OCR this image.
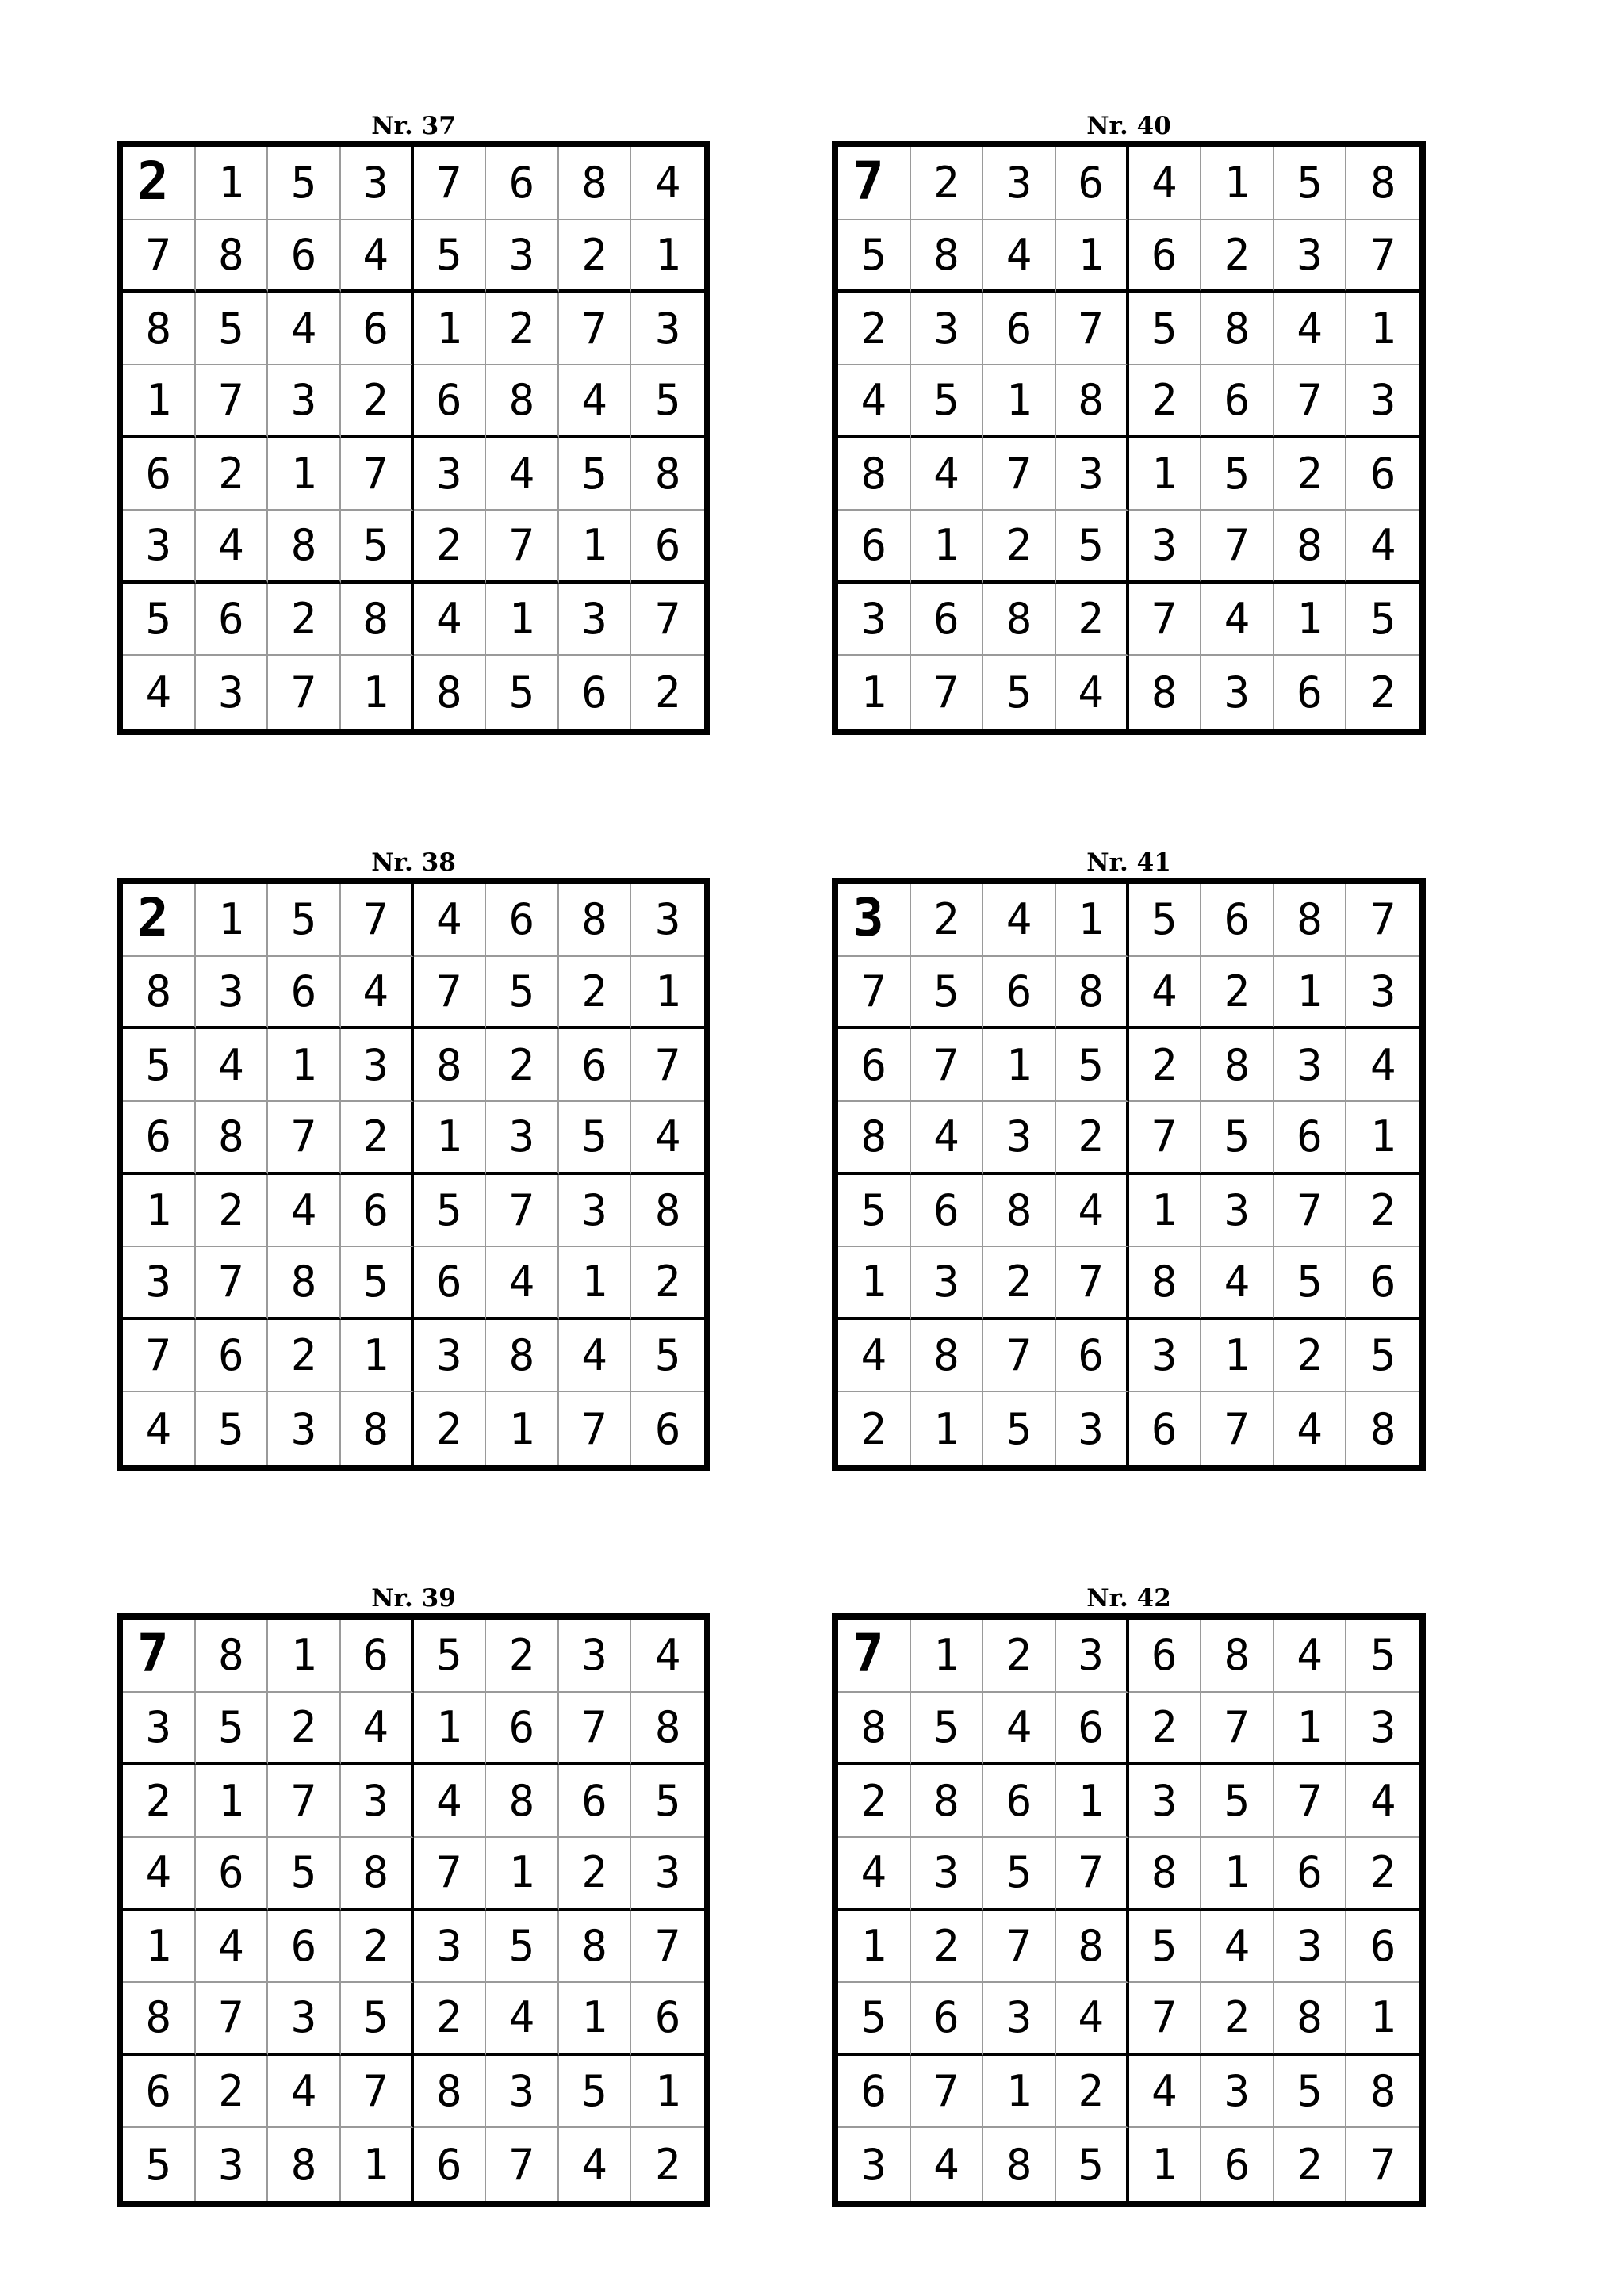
Nr. 37
2	1	5	3	7	6	8	4
7	8	6	4	5	3	2	1
8	5	4	6	1	2	7	3
1	7	3	2	6	8	4	5
6	2	1	7	3	4	5	8
3	4	8	5	2	7	1	6
5	6	2	8	4	1	3	7
4	3	7	1	8	5	6	2
Nr. 40
7	2	3	6	4	1	5	8
5	8	4	1	6	2	3	7
2	3	6	7	5	8	4	1
4	5	1	8	2	6	7	3
8	4	7	3	1	5	2	6
6	1	2	5	3	7	8	4
3	6	8	2	7	4	1	5
1	7	5	4	8	3	6	2
Nr. 38
2	1	5	7	4	6	8	3
8	3	6	4	7	5	2	1
5	4	1	3	8	2	6	7
6	8	7	2	1	3	5	4
1	2	4	6	5	7	3	8
3	7	8	5	6	4	1	2
7	6	2	1	3	8	4	5
4	5	3	8	2	1	7	6
Nr. 41
3	2	4	1	5	6	8	7
7	5	6	8	4	2	1	3
6	7	1	5	2	8	3	4
8	4	3	2	7	5	6	1
5	6	8	4	1	3	7	2
1	3	2	7	8	4	5	6
4	8	7	6	3	1	2	5
2	1	5	3	6	7	4	8
Nr. 39
7	8	1	6	5	2	3	4
3	5	2	4	1	6	7	8
2	1	7	3	4	8	6	5
4	6	5	8	7	1	2	3
1	4	6	2	3	5	8	7
8	7	3	5	2	4	1	6
6	2	4	7	8	3	5	1
5	3	8	1	6	7	4	2
Nr. 42
7	1	2	3	6	8	4	5
8	5	4	6	2	7	1	3
2	8	6	1	3	5	7	4
4	3	5	7	8	1	6	2
1	2	7	8	5	4	3	6
5	6	3	4	7	2	8	1
6	7	1	2	4	3	5	8
3	4	8	5	1	6	2	7
